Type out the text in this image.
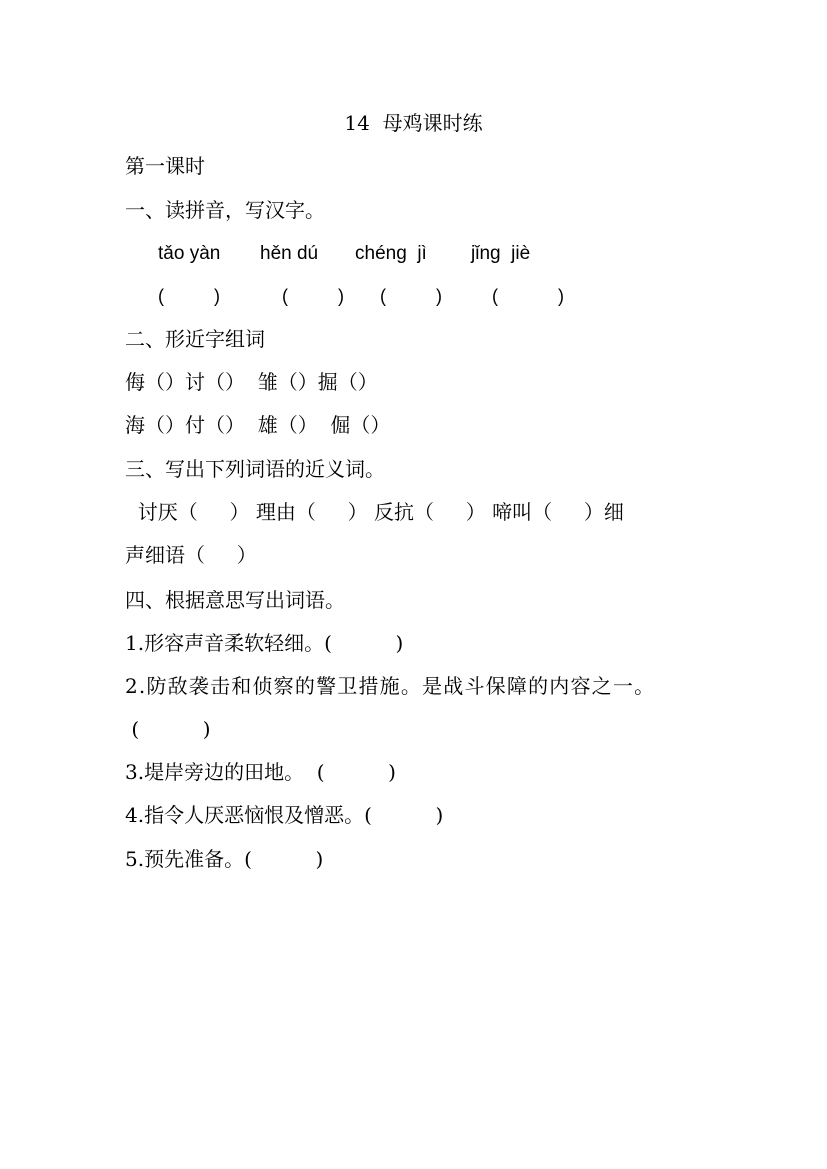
14  母鸡课时练
第一课时
一、读拼音，写汉字。
tǎo yàn hěn dú chéng  jì jǐng  jiè
(          )	(          ) (          )	(            )
二、形近字组词
侮（）讨（）  雏（）掘（）
海（）付（）  雄（）  倔（）
三、写出下列词语的近义词。
讨厌（     ） 理由（     ） 反抗（     ） 啼叫（     ）细
声细语（     ）
四、根据意思写出词语。
1.形容声音柔软轻细。(          )
2.防敌袭击和侦察的警卫措施。是战斗保障的内容之一。
(          )
3.堤岸旁边的田地。  (          )
4.指令人厌恶恼恨及憎恶。(          )
5.预先准备。(          )
